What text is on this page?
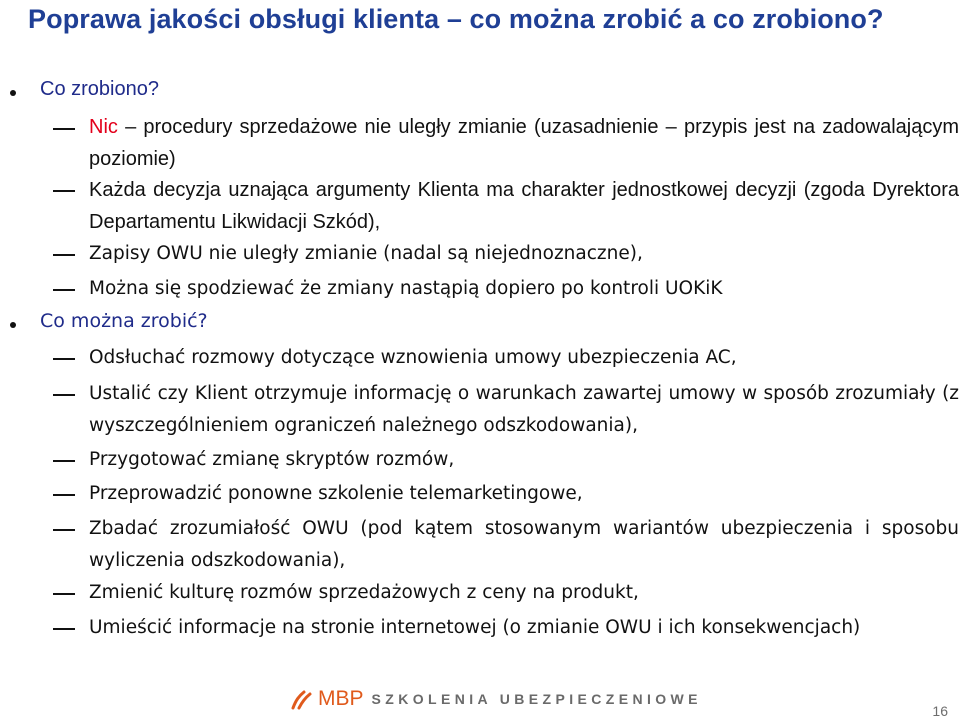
Poprawa jakości obsługi klienta – co można zrobić a co zrobiono?
Co zrobiono?
Nic – procedury sprzedażowe nie uległy zmianie (uzasadnienie – przypis jest na zadowalającym poziomie)
Każda decyzja uznająca argumenty Klienta ma charakter jednostkowej decyzji (zgoda Dyrektora Departamentu Likwidacji Szkód),
Zapisy OWU nie uległy zmianie (nadal są niejednoznaczne),
Można się spodziewać że zmiany nastąpią dopiero po kontroli UOKiK
Co można zrobić?
Odsłuchać rozmowy dotyczące wznowienia umowy ubezpieczenia AC,
Ustalić czy Klient otrzymuje informację o warunkach zawartej umowy w sposób zrozumiały (z wyszczególnieniem ograniczeń należnego odszkodowania),
Przygotować zmianę skryptów rozmów,
Przeprowadzić ponowne szkolenie telemarketingowe,
Zbadać zrozumiałość OWU (pod kątem stosowanym wariantów ubezpieczenia i sposobu wyliczenia odszkodowania),
Zmienić kulturę rozmów sprzedażowych z ceny na produkt,
Umieścić informacje na stronie internetowej (o zmianie OWU i ich konsekwencjach)
MBP SZKOLENIA UBEZPIECZENIOWE
16
